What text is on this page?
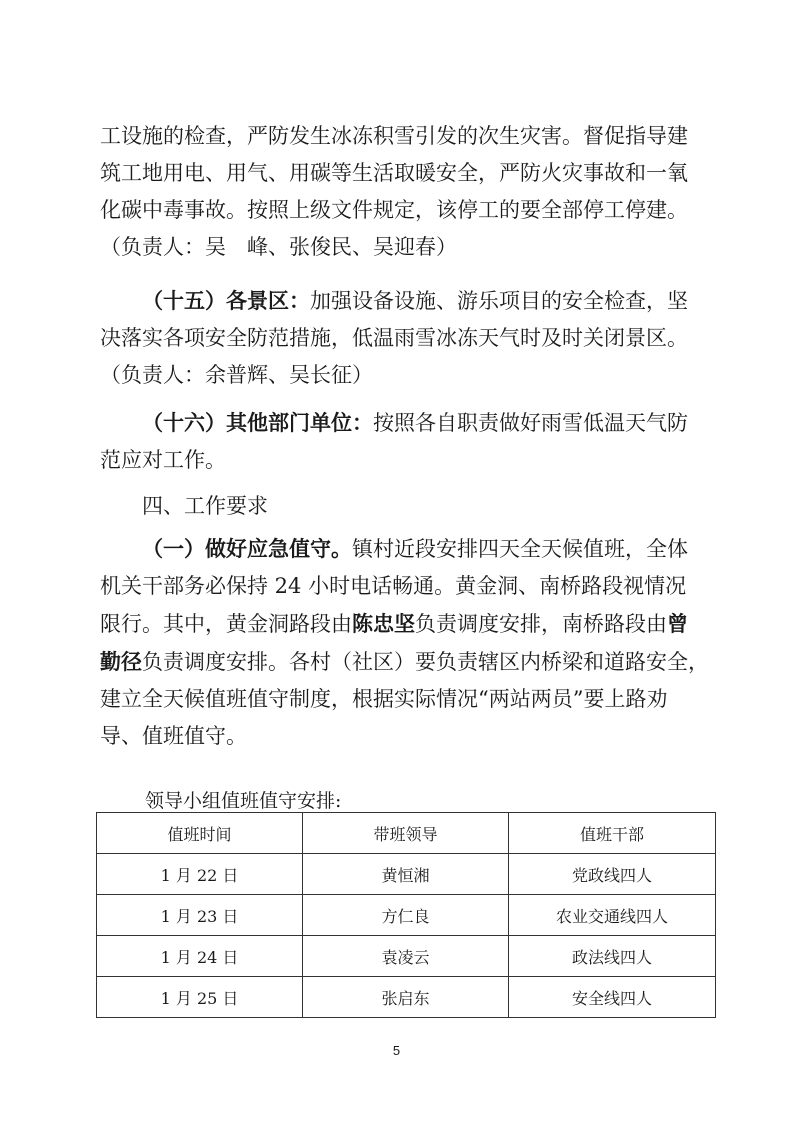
工设施的检查，严防发生冰冻积雪引发的次生灾害。督促指导建
筑工地用电、用气、用碳等生活取暖安全，严防火灾事故和一氧
化碳中毒事故。按照上级文件规定，该停工的要全部停工停建。
（负责人：吴　峰、张俊民、吴迎春）
（十五）各景区：加强设备设施、游乐项目的安全检查，坚
决落实各项安全防范措施，低温雨雪冰冻天气时及时关闭景区。
（负责人：余普辉、吴长征）
（十六）其他部门单位：按照各自职责做好雨雪低温天气防
范应对工作。

四、工作要求

（一）做好应急值守。镇村近段安排四天全天候值班，全体
机关干部务必保持 24 小时电话畅通。黄金洞、南桥路段视情况
限行。其中，黄金洞路段由陈忠坚负责调度安排，南桥路段由曾
勤径负责调度安排。各村（社区）要负责辖区内桥梁和道路安全，
建立全天候值班值守制度，根据实际情况“两站两员”要上路劝
导、值班值守。

领导小组值班值守安排:

值班时间	带班领导	值班干部
1 月 22 日	黄恒湘	党政线四人
1 月 23 日	方仁良	农业交通线四人
1 月 24 日	袁凌云	政法线四人
1 月 25 日	张启东	安全线四人

5
